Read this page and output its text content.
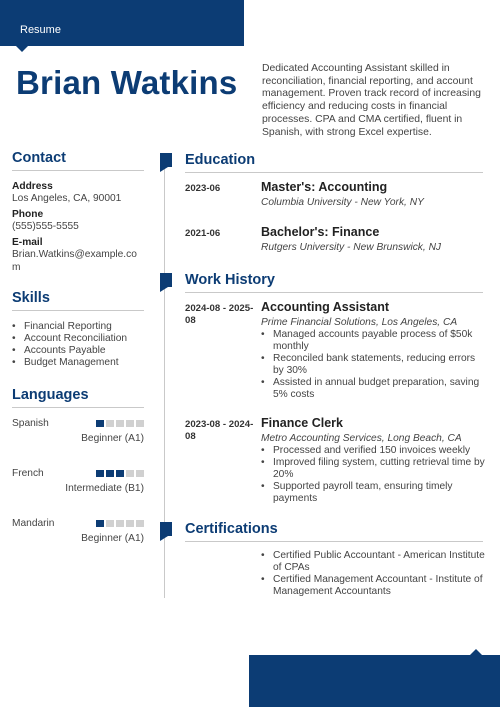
Resume
Brian Watkins Dedicated Accounting Assistant skilled in reconciliation, financial reporting, and account management. Proven track record of increasing efficiency and reducing costs in financial processes. CPA and CMA certified, fluent in Spanish, with strong Excel expertise.
Contact
Address
Los Angeles, CA, 90001
Phone
(555)555-5555
E-mail
Brian.Watkins@example.com
Skills
• Financial Reporting
• Account Reconciliation
• Accounts Payable
• Budget Management
Languages
Spanish
Beginner (A1)
French
Intermediate (B1)
Mandarin
Beginner (A1)
Education
2023-06	Master's: Accounting
Columbia University - New York, NY
2021-06	Bachelor's: Finance
Rutgers University - New Brunswick, NJ
Work History
2024-08 - 2025-08
Accounting Assistant
Prime Financial Solutions, Los Angeles, CA
• Managed accounts payable process of $50k monthly
• Reconciled bank statements, reducing errors by 30%
• Assisted in annual budget preparation, saving 5% costs
2023-08 - 2024-08
Finance Clerk
Metro Accounting Services, Long Beach, CA
• Processed and verified 150 invoices weekly
• Improved filing system, cutting retrieval time by 20%
• Supported payroll team, ensuring timely payments
Certifications
• Certified Public Accountant - American Institute of CPAs
• Certified Management Accountant - Institute of Management Accountants
